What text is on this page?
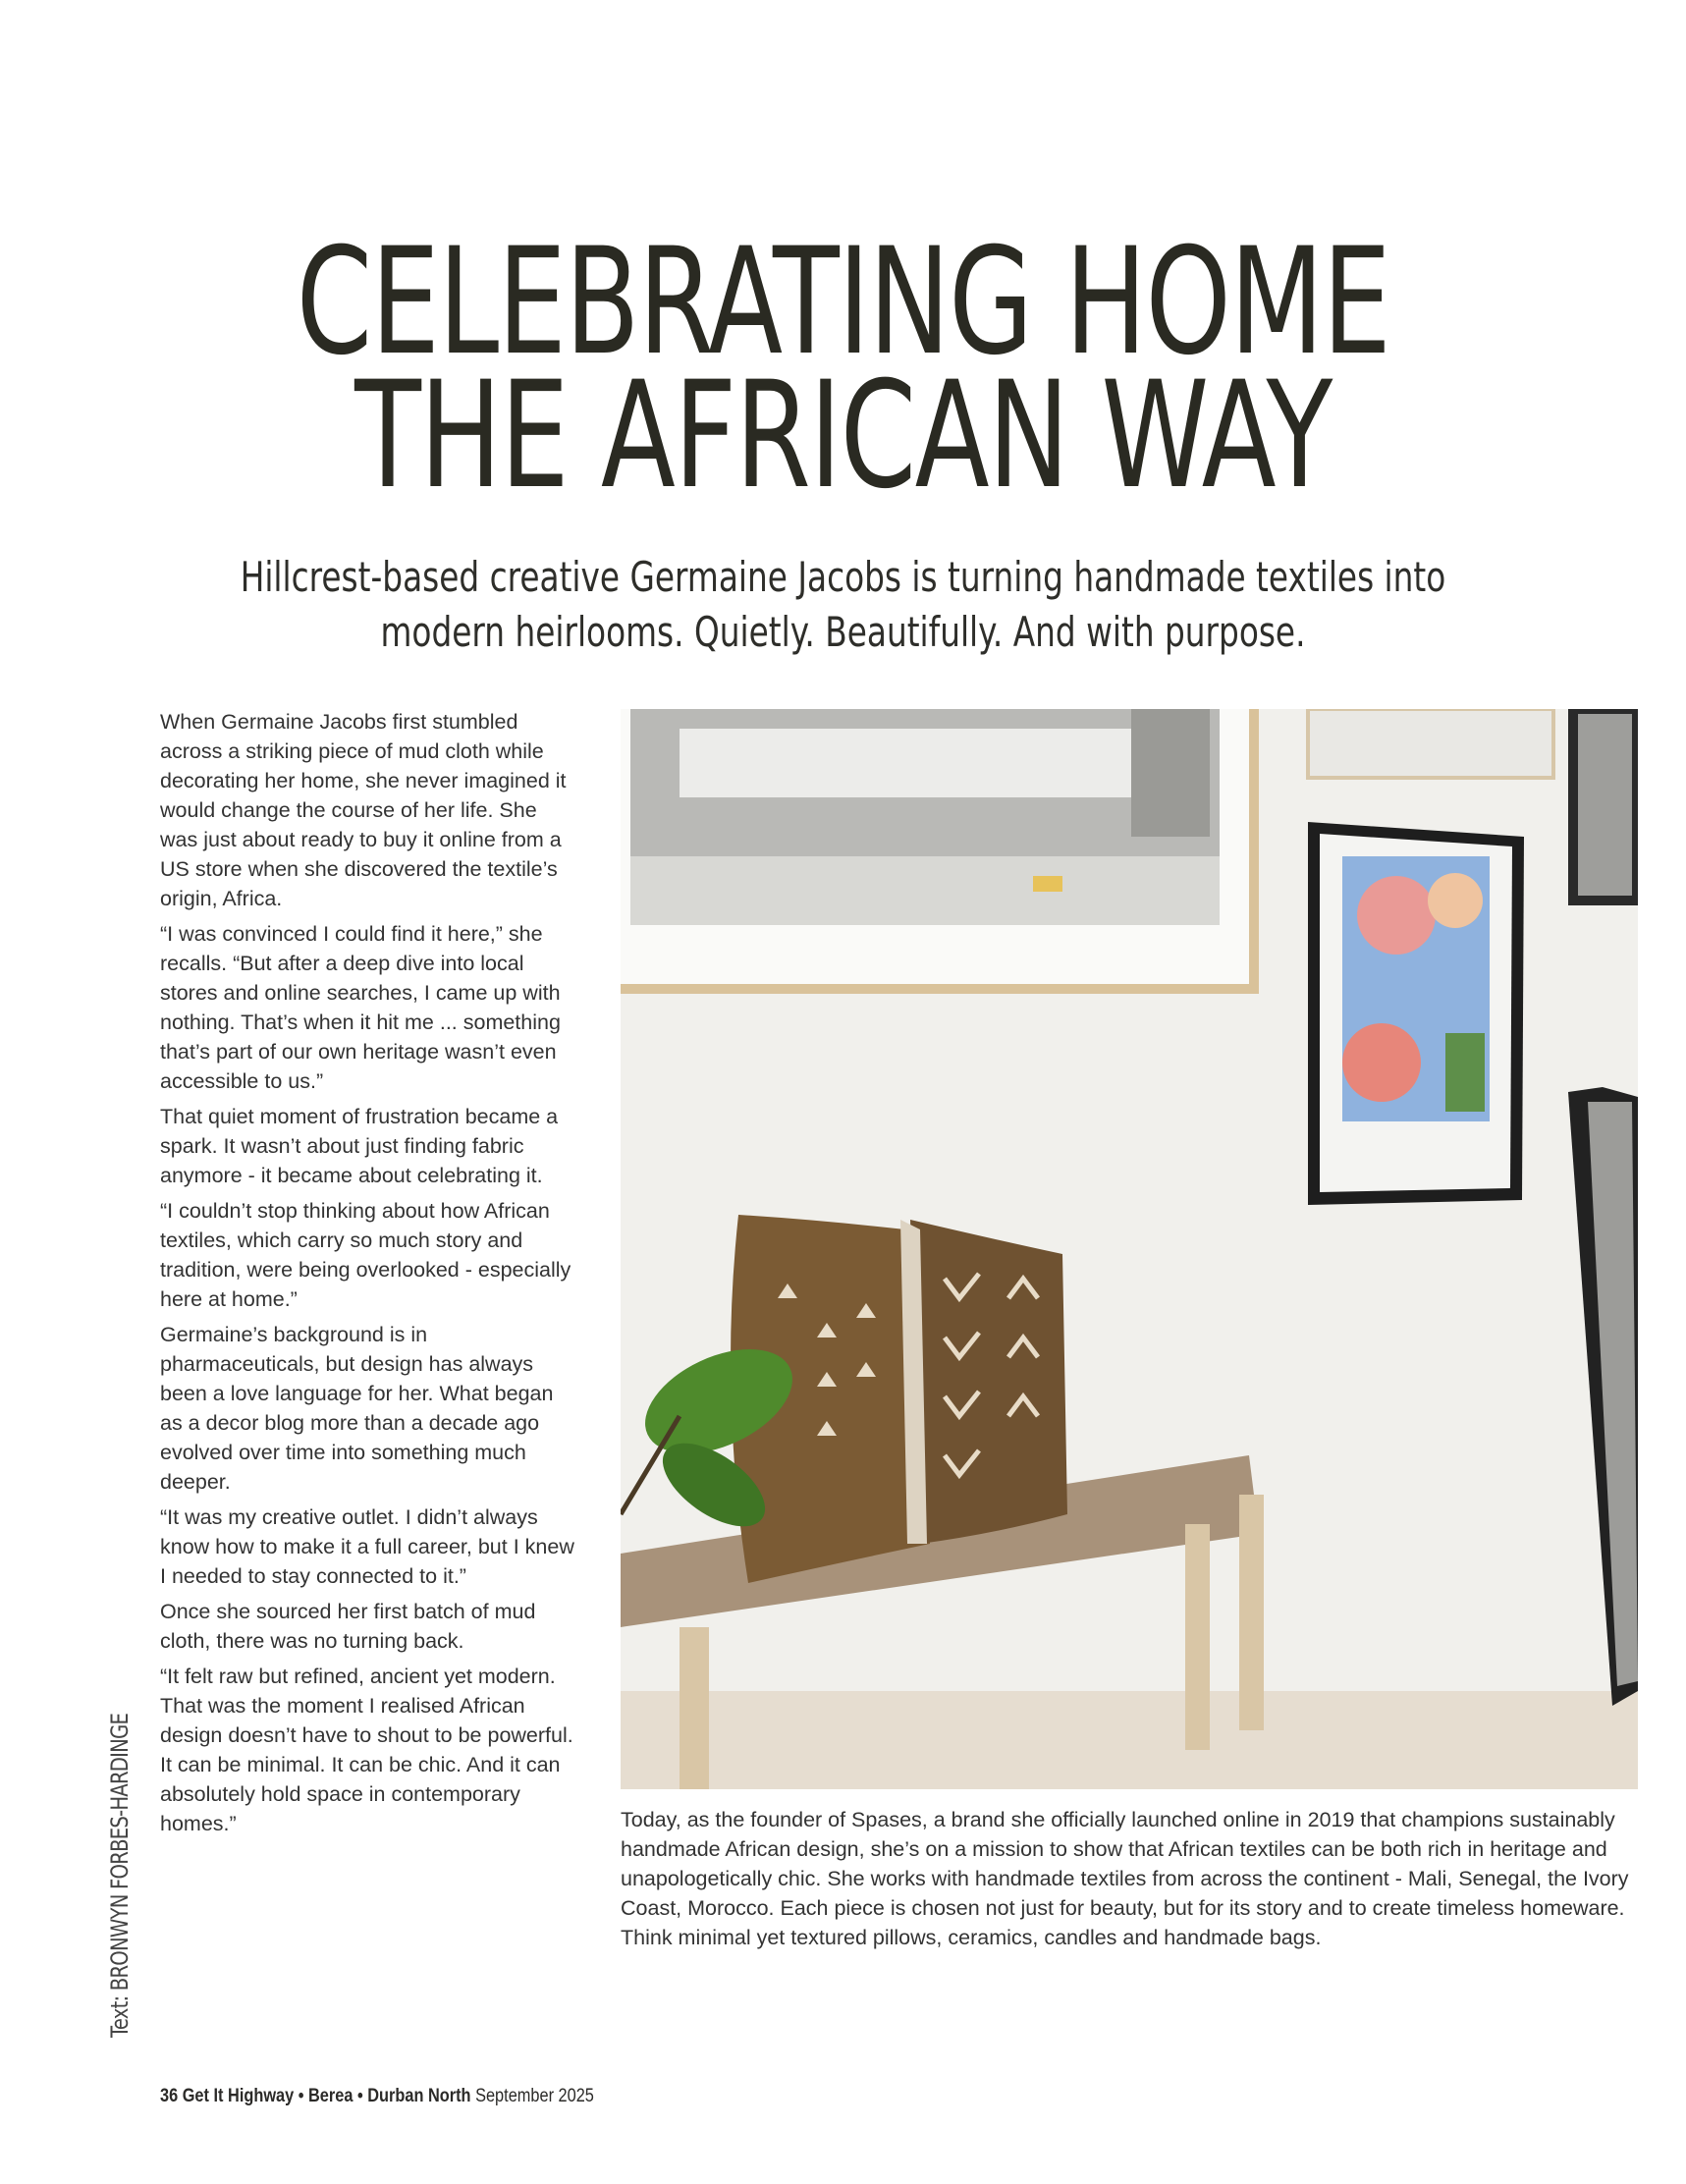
CELEBRATING HOME
THE AFRICAN WAY
Hillcrest-based creative Germaine Jacobs is turning handmade textiles into
modern heirlooms. Quietly. Beautifully. And with purpose.

When Germaine Jacobs first stumbled across a striking piece of mud cloth while decorating her home, she never imagined it would change the course of her life. She was just about ready to buy it online from a US store when she discovered the textile’s origin, Africa.

“I was convinced I could find it here,” she recalls. “But after a deep dive into local stores and online searches, I came up with nothing. That’s when it hit me ... something that’s part of our own heritage wasn’t even accessible to us.”

That quiet moment of frustration became a spark. It wasn’t about just finding fabric anymore - it became about celebrating it.

“I couldn’t stop thinking about how African textiles, which carry so much story and tradition, were being overlooked - especially here at home.”

Germaine’s background is in pharmaceuticals, but design has always been a love language for her. What began as a decor blog more than a decade ago evolved over time into something much deeper.

“It was my creative outlet. I didn’t always know how to make it a full career, but I knew I needed to stay connected to it.”

Once she sourced her first batch of mud cloth, there was no turning back.

“It felt raw but refined, ancient yet modern. That was the moment I realised African design doesn’t have to shout to be powerful. It can be minimal. It can be chic. And it can absolutely hold space in contemporary homes.”	Today, as the founder of Spases, a brand she officially launched online in 2019 that champions sustainably handmade African design, she’s on a mission to show that African textiles can be both rich in heritage and unapologetically chic. She works with handmade textiles from across the continent - Mali, Senegal, the Ivory Coast, Morocco. Each piece is chosen not just for beauty, but for its story and to create timeless homeware. Think minimal yet textured pillows, ceramics, candles and handmade bags.

Text: BRONWYN FORBES-HARDINGE
36 Get It Highway • Berea • Durban North September 2025
